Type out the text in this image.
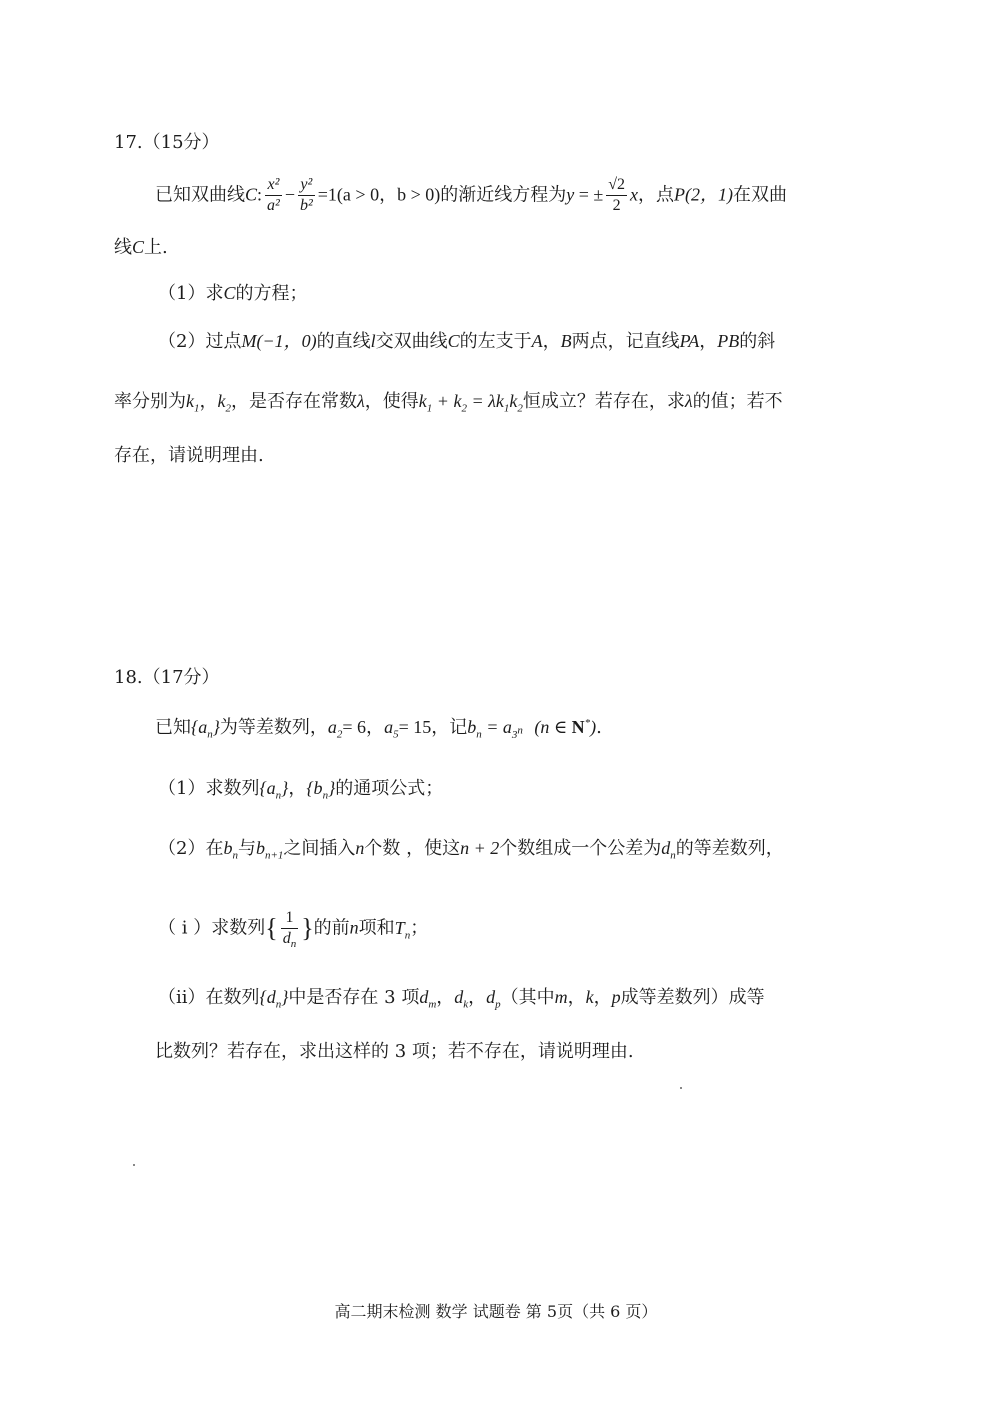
17.（15分）
已知双曲线C: $\frac{\text{x²}}{\text{a²}} - \frac{\text{y²}}{\text{b²}} =1(a > 0$，b > 0)的渐近线方程为y = ± $\frac{√2}{2}$ x，点P(2，1)在双曲
线C上.
（1）求C的方程；
（2）过点M(−1，0)的直线l交双曲线C的左支于A，B两点，记直线PA，PB的斜
率分别为$k_1$，$k_2$，是否存在常数λ，使得$k_1 + k_2 = \lambda k_1k_2$恒成立？若存在，求λ的值；若不
存在，请说明理由.
18.（17分）
已知$\{a_n\}$为等差数列，$a_2= 6$，$a_5= 15$，记$b_n = a_{3^n}$ (n ∈ N*).
（1）求数列$\{a_n\}$，$\{b_n\}$的通项公式；
（2）在$b_n$与$b_{n+1}$之间插入n个数 ，使这n + 2个数组成一个公差为$d_n$的等差数列，
（ i ）求数列{ $\frac{1}{d_n}$ }的前n项和$T_n$；
（ii）在数列$\{d_n\}$中是否存在 3 项$d_m$，$d_k$，$d_p$（其中m，k，p成等差数列）成等
比数列？若存在，求出这样的 3 项；若不存在，请说明理由.
高二期末检测 数学 试题卷 第 5页（共 6 页）
